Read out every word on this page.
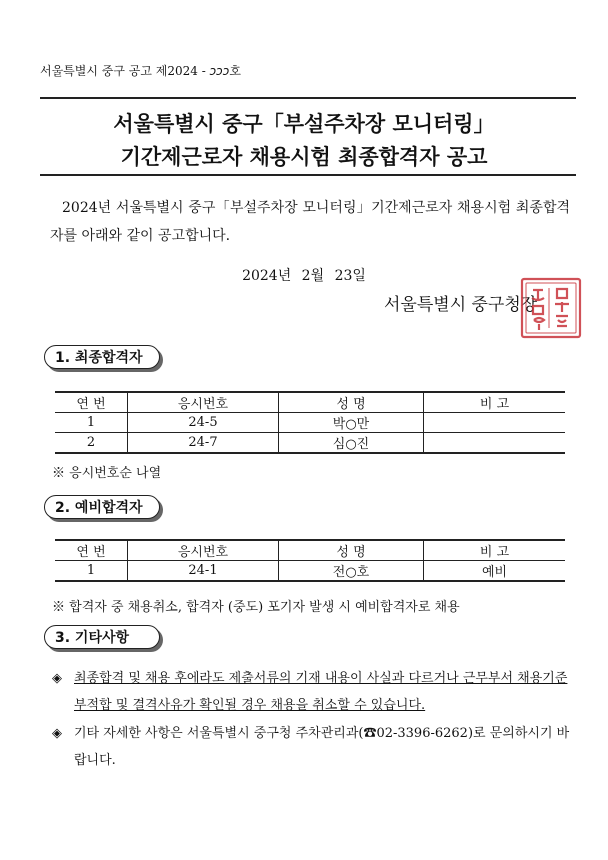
서울특별시 중구 공고 제2024 - ↄↄↄ호
서울특별시 중구「부설주차장 모니터링」
기간제근로자 채용시험 최종합격자 공고
2024년 서울특별시 중구「부설주차장 모니터링」기간제근로자 채용시험 최종합격자를 아래와 같이 공고합니다.
2024년 2월 23일
서울특별시 중구청장
1. 최종합격자
연 번	응시번호	성 명	비 고
1	24-5	박○만	
2	24-7	심○진	
※ 응시번호순 나열
2. 예비합격자
연 번	응시번호	성 명	비 고
1	24-1	전○호	예비
※ 합격자 중 채용취소, 합격자 (중도) 포기자 발생 시 예비합격자로 채용
3. 기타사항
◈ 최종합격 및 채용 후에라도 제출서류의 기재 내용이 사실과 다르거나 근무부서 채용기준 부적합 및 결격사유가 확인될 경우 채용을 취소할 수 있습니다.
◈ 기타 자세한 사항은 서울특별시 중구청 주차관리과(☎02-3396-6262)로 문의하시기 바랍니다.
